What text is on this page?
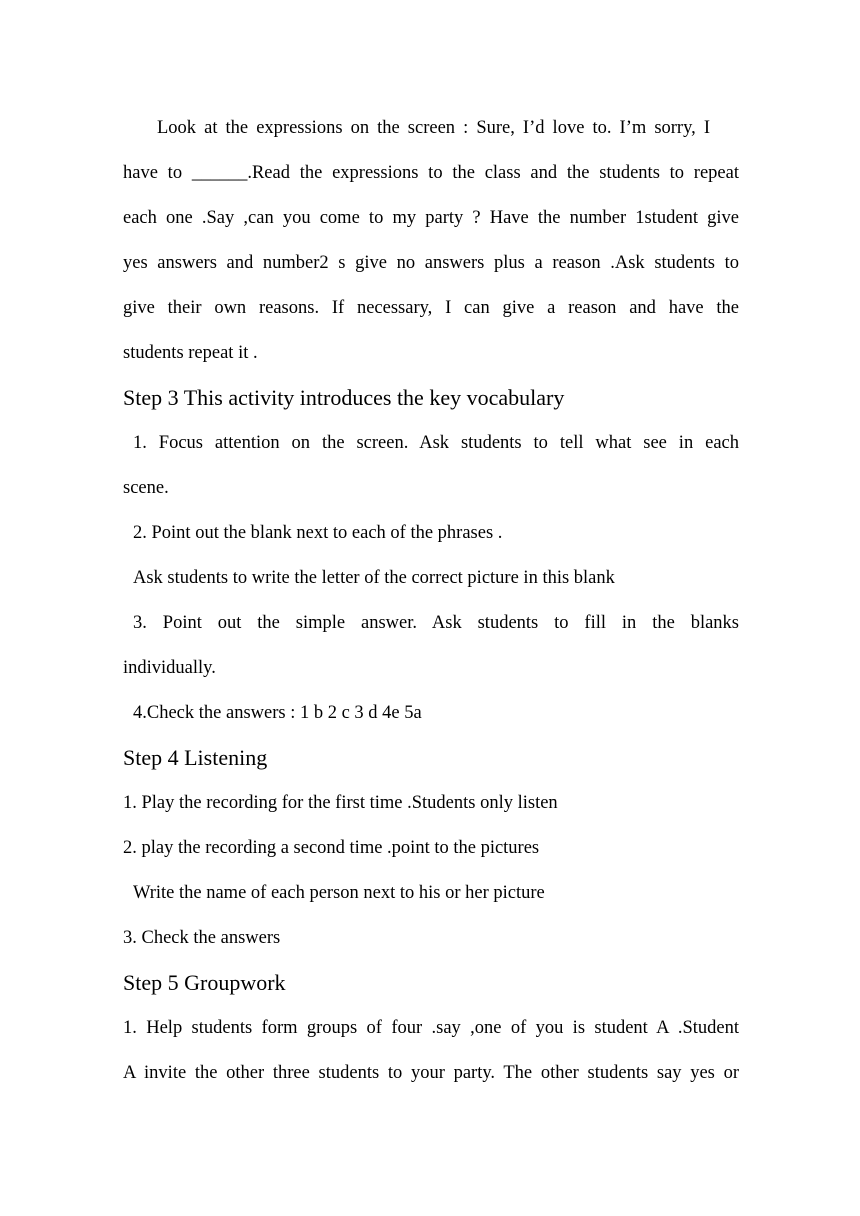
Look at the expressions on the screen : Sure, I’d love to. I’m sorry, I
have to ______.Read the expressions to the class and the students to repeat
each one .Say ,can you come to my party ? Have the number 1student give
yes answers and number2 s give no answers plus a reason .Ask students to
give their own reasons. If necessary, I can give a reason and have the
students repeat it .
Step 3 This activity introduces the key vocabulary
1. Focus attention on the screen. Ask students to tell what see in each
scene.
2. Point out the blank next to each of the phrases .
Ask students to write the letter of the correct picture in this blank
3. Point out the simple answer. Ask students to fill in the blanks
individually.
4.Check the answers : 1 b 2 c 3 d 4e 5a
Step 4 Listening
1. Play the recording for the first time .Students only listen
2. play the recording a second time .point to the pictures
Write the name of each person next to his or her picture
3. Check the answers
Step 5 Groupwork
1. Help students form groups of four .say ,one of you is student A .Student
A invite the other three students to your party. The other students say yes or
